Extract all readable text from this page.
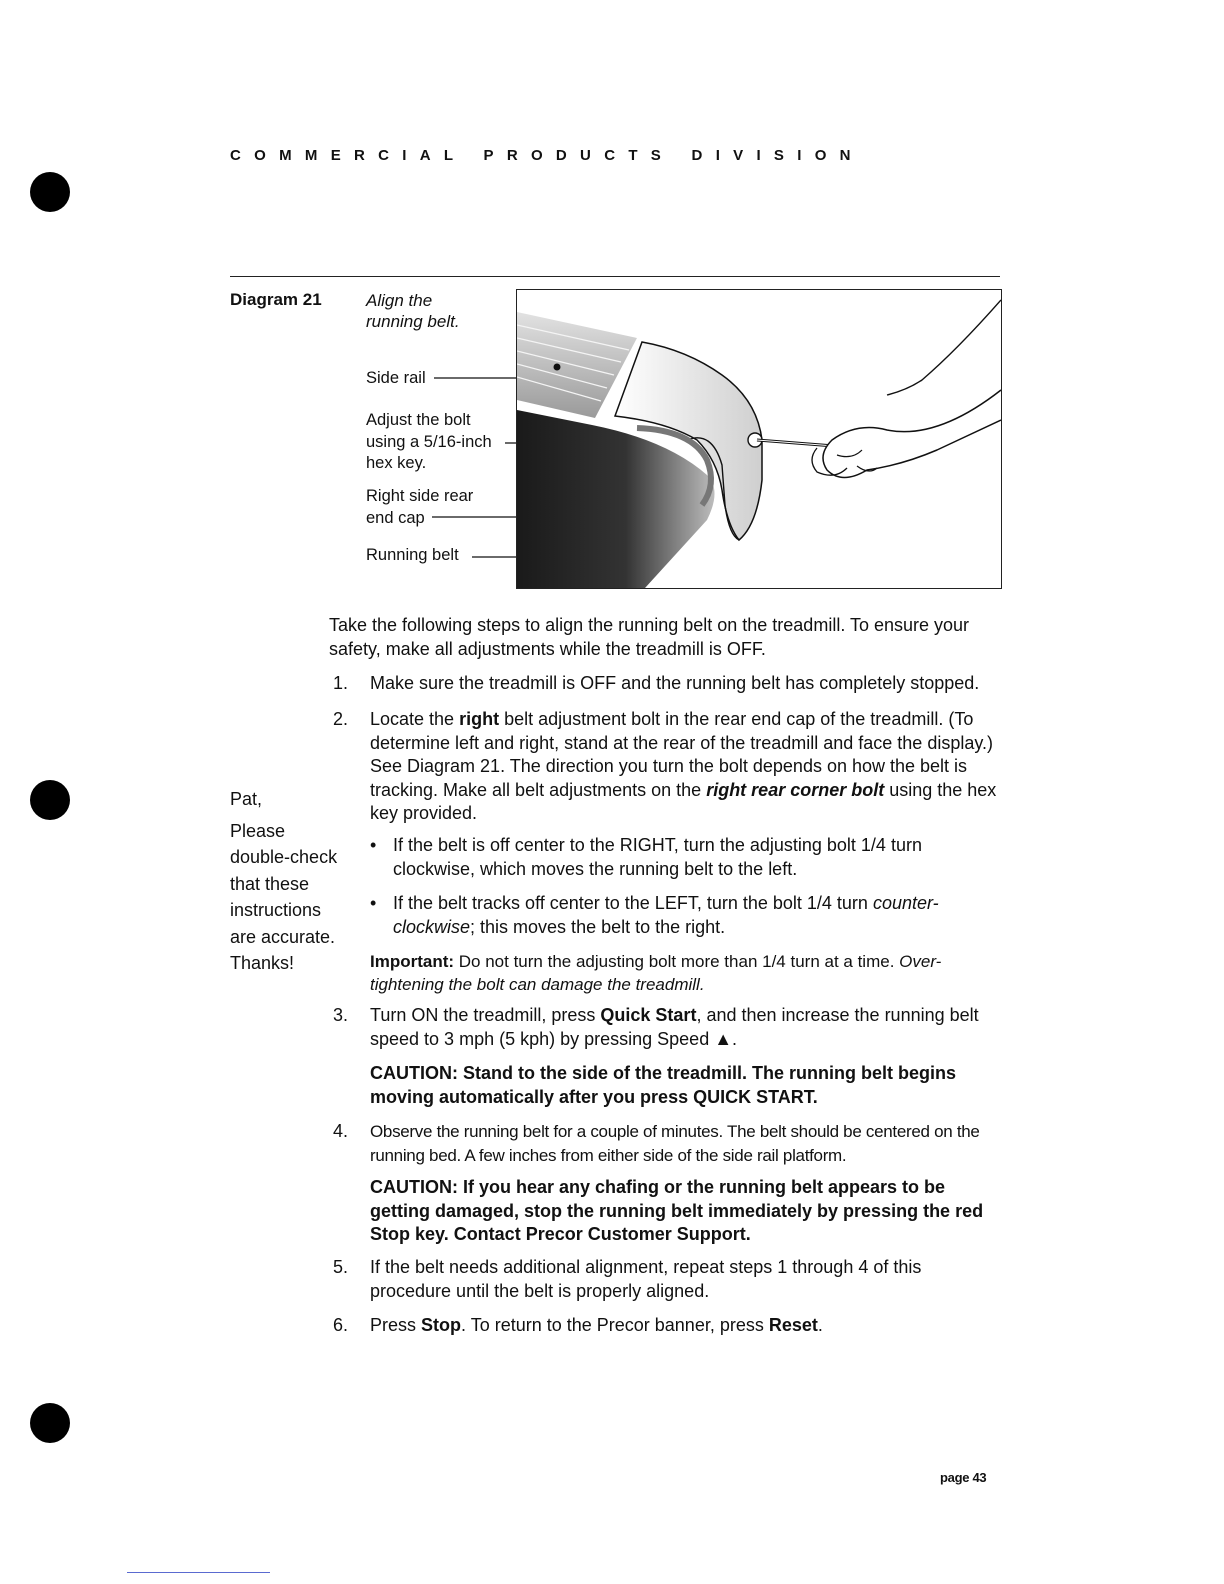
COMMERCIAL PRODUCTS DIVISION
Diagram 21	Align the
running belt.
Side rail
Adjust the bolt
using a 5/16-inch
hex key.
Right side rear
end cap
Running belt
Pat,
Please
double-check
that these
instructions
are accurate.
Thanks!
Take the following steps to align the running belt on the treadmill. To ensure your safety, make all adjustments while the treadmill is OFF.
1. Make sure the treadmill is OFF and the running belt has completely stopped.
2. Locate the right belt adjustment bolt in the rear end cap of the treadmill. (To determine left and right, stand at the rear of the treadmill and face the display.) See Diagram 21. The direction you turn the bolt depends on how the belt is tracking. Make all belt adjustments on the right rear corner bolt using the hex key provided.
• If the belt is off center to the RIGHT, turn the adjusting bolt 1/4 turn clockwise, which moves the running belt to the left.
• If the belt tracks off center to the LEFT, turn the bolt 1/4 turn counter-clockwise; this moves the belt to the right.
Important: Do not turn the adjusting bolt more than 1/4 turn at a time. Over-tightening the bolt can damage the treadmill.
3. Turn ON the treadmill, press Quick Start, and then increase the running belt speed to 3 mph (5 kph) by pressing Speed ▲.
CAUTION: Stand to the side of the treadmill. The running belt begins moving automatically after you press QUICK START.
4. Observe the running belt for a couple of minutes. The belt should be centered on the running bed. A few inches from either side of the side rail platform.
CAUTION: If you hear any chafing or the running belt appears to be getting damaged, stop the running belt immediately by pressing the red Stop key. Contact Precor Customer Support.
5. If the belt needs additional alignment, repeat steps 1 through 4 of this procedure until the belt is properly aligned.
6. Press Stop. To return to the Precor banner, press Reset.
page 43
